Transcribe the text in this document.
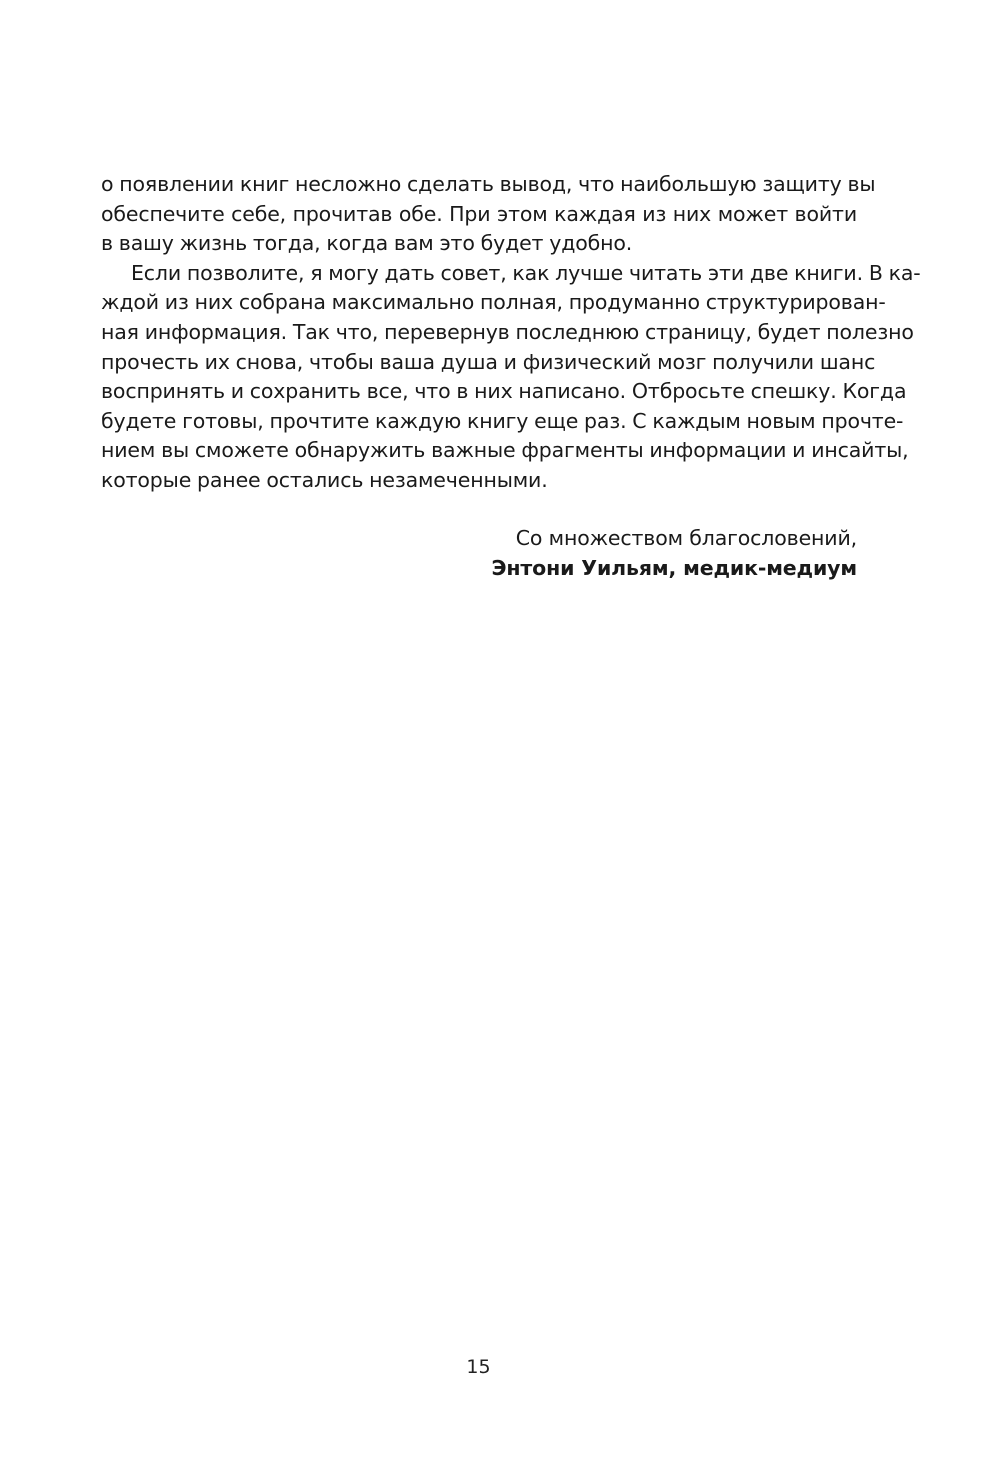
о появлении книг несложно сделать вывод, что наибольшую защиту вы
обеспечите себе, прочитав обе. При этом каждая из них может войти
в вашу жизнь тогда, когда вам это будет удобно.
Если позволите, я могу дать совет, как лучше читать эти две книги. В ка-
ждой из них собрана максимально полная, продуманно структурирован-
ная информация. Так что, перевернув последнюю страницу, будет полезно
прочесть их снова, чтобы ваша душа и физический мозг получили шанс
воспринять и сохранить все, что в них написано. Отбросьте спешку. Когда
будете готовы, прочтите каждую книгу еще раз. С каждым новым прочте-
нием вы сможете обнаружить важные фрагменты информации и инсайты,
которые ранее остались незамеченными.
Со множеством благословений,
Энтони Уильям, медик-медиум
15
